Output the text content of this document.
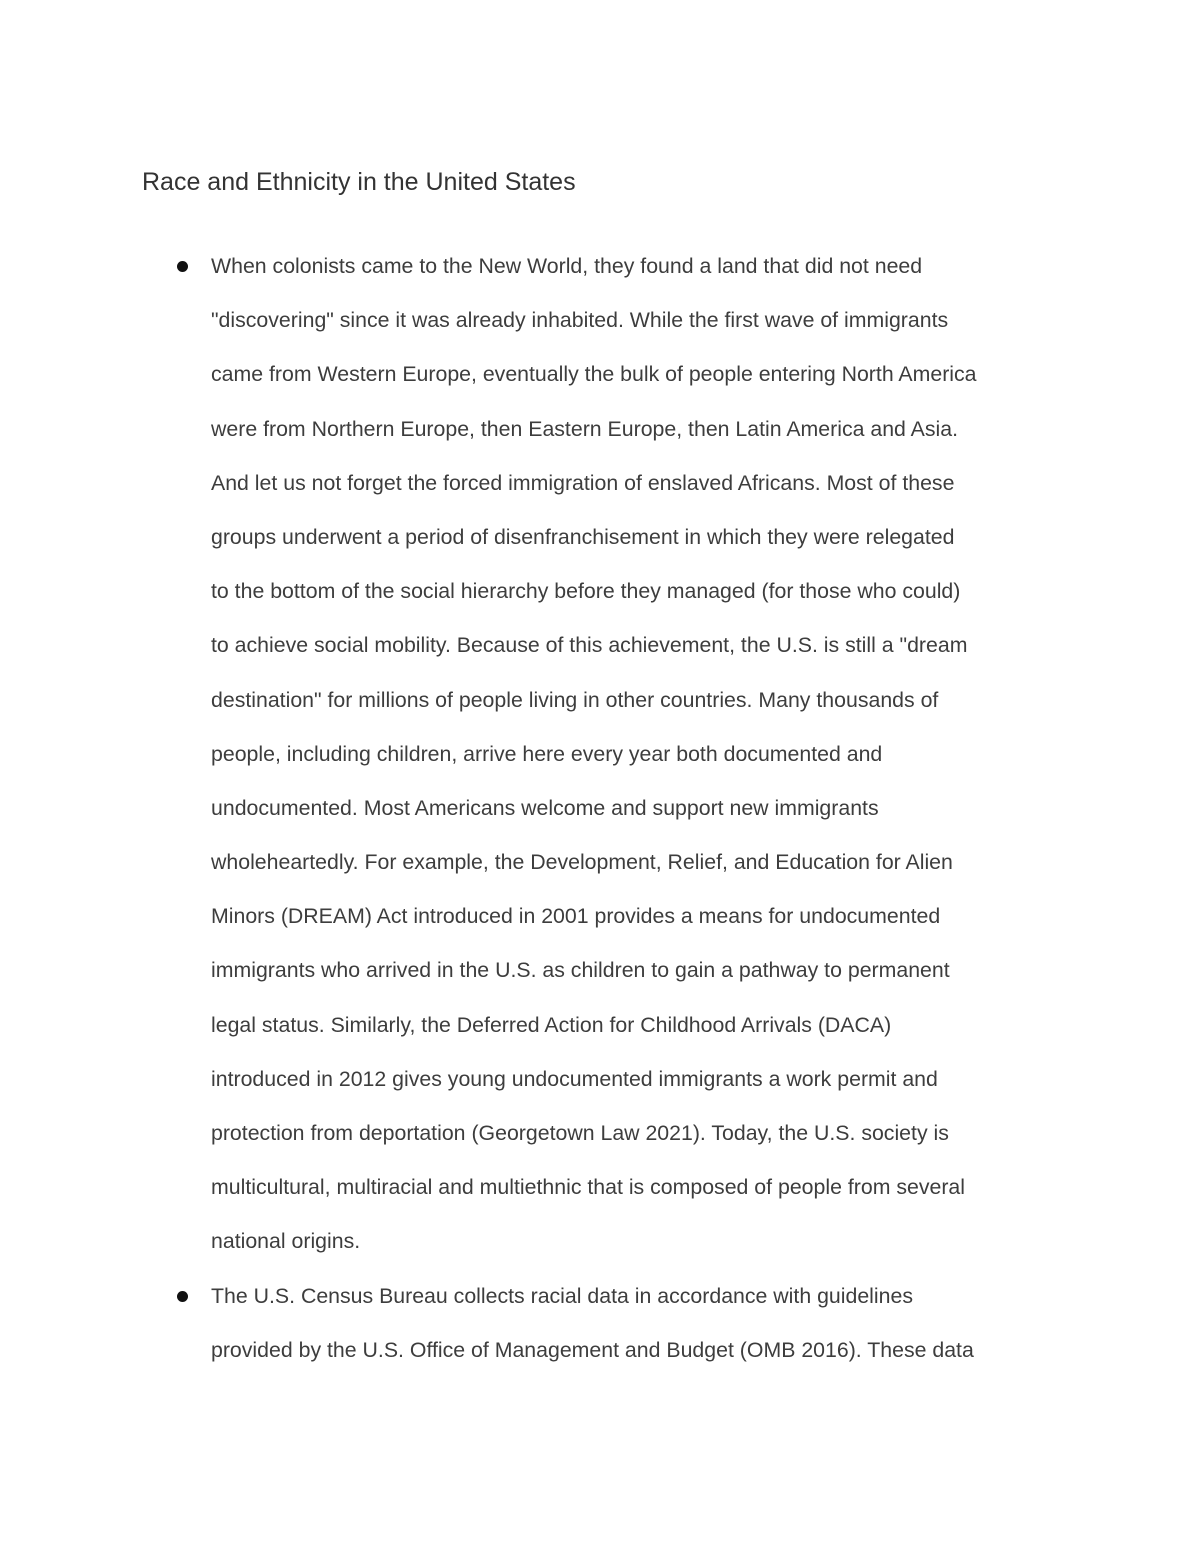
Race and Ethnicity in the United States
When colonists came to the New World, they found a land that did not need
"discovering" since it was already inhabited. While the first wave of immigrants
came from Western Europe, eventually the bulk of people entering North America
were from Northern Europe, then Eastern Europe, then Latin America and Asia.
And let us not forget the forced immigration of enslaved Africans. Most of these
groups underwent a period of disenfranchisement in which they were relegated
to the bottom of the social hierarchy before they managed (for those who could)
to achieve social mobility. Because of this achievement, the U.S. is still a "dream
destination" for millions of people living in other countries. Many thousands of
people, including children, arrive here every year both documented and
undocumented. Most Americans welcome and support new immigrants
wholeheartedly. For example, the Development, Relief, and Education for Alien
Minors (DREAM) Act introduced in 2001 provides a means for undocumented
immigrants who arrived in the U.S. as children to gain a pathway to permanent
legal status. Similarly, the Deferred Action for Childhood Arrivals (DACA)
introduced in 2012 gives young undocumented immigrants a work permit and
protection from deportation (Georgetown Law 2021). Today, the U.S. society is
multicultural, multiracial and multiethnic that is composed of people from several
national origins.
The U.S. Census Bureau collects racial data in accordance with guidelines
provided by the U.S. Office of Management and Budget (OMB 2016). These data
